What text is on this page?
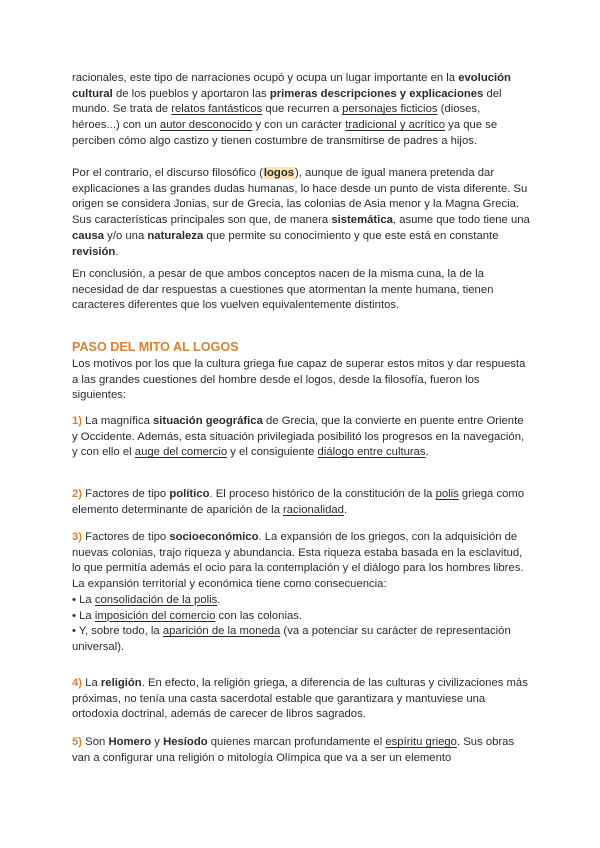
racionales, este tipo de narraciones ocupó y ocupa un lugar importante en la evolución cultural de los pueblos y aportaron las primeras descripciones y explicaciones del mundo. Se trata de relatos fantásticos que recurren a personajes ficticios (dioses, héroes...) con un autor desconocido y con un carácter tradicional y acrítico ya que se perciben cómo algo castizo y tienen costumbre de transmitirse de padres a hijos.

Por el contrario, el discurso filosófico (logos), aunque de igual manera pretenda dar explicaciones a las grandes dudas humanas, lo hace desde un punto de vista diferente. Su origen se considera Jonias, sur de Grecia, las colonias de Asia menor y la Magna Grecia. Sus características principales son que, de manera sistemática, asume que todo tiene una causa y/o una naturaleza que permite su conocimiento y que este está en constante revisión.

En conclusión, a pesar de que ambos conceptos nacen de la misma cuna, la de la necesidad de dar respuestas a cuestiones que atormentan la mente humana, tienen caracteres diferentes que los vuelven equivalentemente distintos.

PASO DEL MITO AL LOGOS

Los motivos por los que la cultura griega fue capaz de superar estos mitos y dar respuesta a las grandes cuestiones del hombre desde el logos, desde la filosofía, fueron los siguientes:

1) La magnífica situación geográfica de Grecia, que la convierte en puente entre Oriente y Occidente. Además, esta situación privilegiada posibilitó los progresos en la navegación, y con ello el auge del comercio y el consiguiente diálogo entre culturas.

2) Factores de tipo político. El proceso histórico de la constitución de la polis griega como elemento determinante de aparición de la racionalidad.

3) Factores de tipo socioeconómico. La expansión de los griegos, con la adquisición de nuevas colonias, trajo riqueza y abundancia. Esta riqueza estaba basada en la esclavitud, lo que permitía además el ocio para la contemplación y el diálogo para los hombres libres. La expansión territorial y económica tiene como consecuencia:
• La consolidación de la polis.
• La imposición del comercio con las colonias.
• Y, sobre todo, la aparición de la moneda (va a potenciar su carácter de representación universal).

4) La religión. En efecto, la religión griega, a diferencia de las culturas y civilizaciones más próximas, no tenía una casta sacerdotal estable que garantizara y mantuviese una ortodoxia doctrinal, además de carecer de libros sagrados.

5) Son Homero y Hesíodo quienes marcan profundamente el espíritu griego. Sus obras van a configurar una religión o mitología Olímpica que va a ser un elemento
